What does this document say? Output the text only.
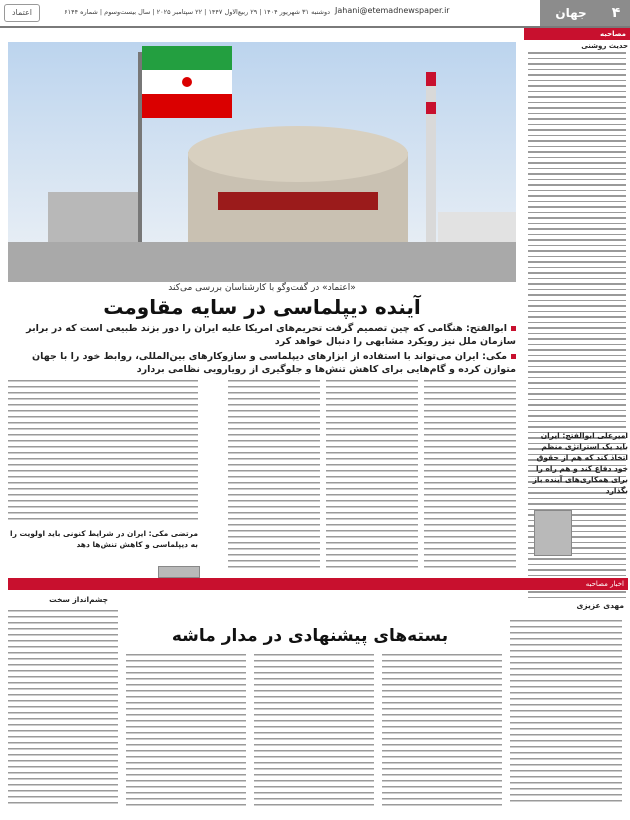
۴
جهان
Jahani@etemadnewspaper.ir
دوشنبه ۳۱ شهریور ۱۴۰۴ | ۲۹ ربیع‌الاول ۱۴۴۷ | ۲۲ سپتامبر ۲۰۲۵ | سال بیست‌وسوم | شماره ۶۱۴۴
اعتماد
مصاحبه
حدیث روشنی
«اعتماد» در گفت‌وگو با کارشناسان بررسی می‌کند
آینده دیپلماسی در سایه مقاومت
ابوالفتح: هنگامی که چین تصمیم گرفت تحریم‌های امریکا علیه ایران را دور بزند طبیعی است که در برابر سازمان ملل نیز رویکرد مشابهی را دنبال خواهد کرد
مکی: ایران می‌تواند با استفاده از ابزارهای دیپلماسی و سازوکارهای بین‌المللی، روابط خود را با جهان متوازن کرده و گام‌هایی برای کاهش تنش‌ها و جلوگیری از رویارویی نظامی بردارد
مرتضی مکی: ایران در شرایط کنونی باید اولویت را به دیپلماسی و کاهش تنش‌ها دهد
امیرعلی ابوالفتح: ایران باید یک استراتژی منظم اتخاذ کند که هم از حقوق خود دفاع کند و هم راه را برای همکاری‌های آینده باز بگذارد
اخبار مصاحبه
بسته‌های پیشنهادی در مدار ماشه
چشم‌انداز سخت
مهدی عزیزی
